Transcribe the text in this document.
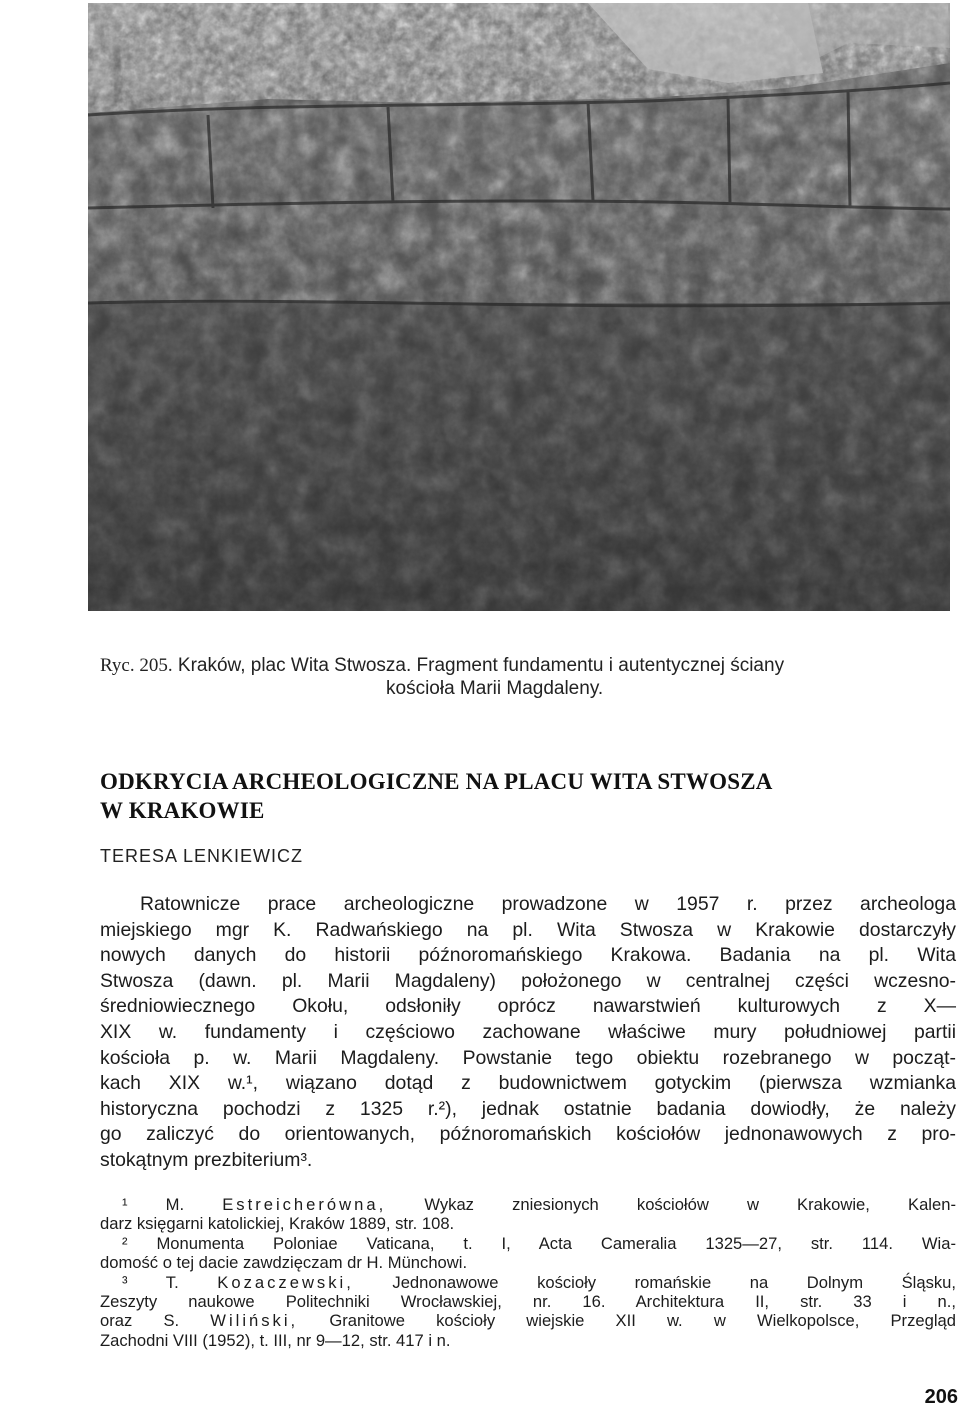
Ryc. 205. Kraków, plac Wita Stwosza. Fragment fundamentu i autentycznej ściany
kościoła Marii Magdaleny.
ODKRYCIA ARCHEOLOGICZNE NA PLACU WITA STWOSZA
W KRAKOWIE
TERESA LENKIEWICZ
Ratownicze prace archeologiczne prowadzone w 1957 r. przez archeologa
miejskiego mgr K. Radwańskiego na pl. Wita Stwosza w Krakowie dostarczyły
nowych danych do historii późnoromańskiego Krakowa. Badania na pl. Wita
Stwosza (dawn. pl. Marii Magdaleny) położonego w centralnej części wczesno-
średniowiecznego Okołu, odsłoniły oprócz nawarstwień kulturowych z X—
XIX w. fundamenty i częściowo zachowane właściwe mury południowej partii
kościoła p. w. Marii Magdaleny. Powstanie tego obiektu rozebranego w począt-
kach XIX w.¹, wiązano dotąd z budownictwem gotyckim (pierwsza wzmianka
historyczna pochodzi z 1325 r.²), jednak ostatnie badania dowiodły, że należy
go zaliczyć do orientowanych, późnoromańskich kościołów jednonawowych z pro-
stokątnym prezbiterium³.
¹ M. Estreicherówna, Wykaz zniesionych kościołów w Krakowie, Kalen-
darz księgarni katolickiej, Kraków 1889, str. 108.
² Monumenta Poloniae Vaticana, t. I, Acta Cameralia 1325—27, str. 114. Wia-
domość o tej dacie zawdzięczam dr H. Münchowi.
³ T. Kozaczewski, Jednonawowe kościoły romańskie na Dolnym Śląsku,
Zeszyty naukowe Politechniki Wrocławskiej, nr. 16. Architektura II, str. 33 i n.,
oraz S. Wiliński, Granitowe kościoły wiejskie XII w. w Wielkopolsce, Przegląd
Zachodni VIII (1952), t. III, nr 9—12, str. 417 i n.
206
